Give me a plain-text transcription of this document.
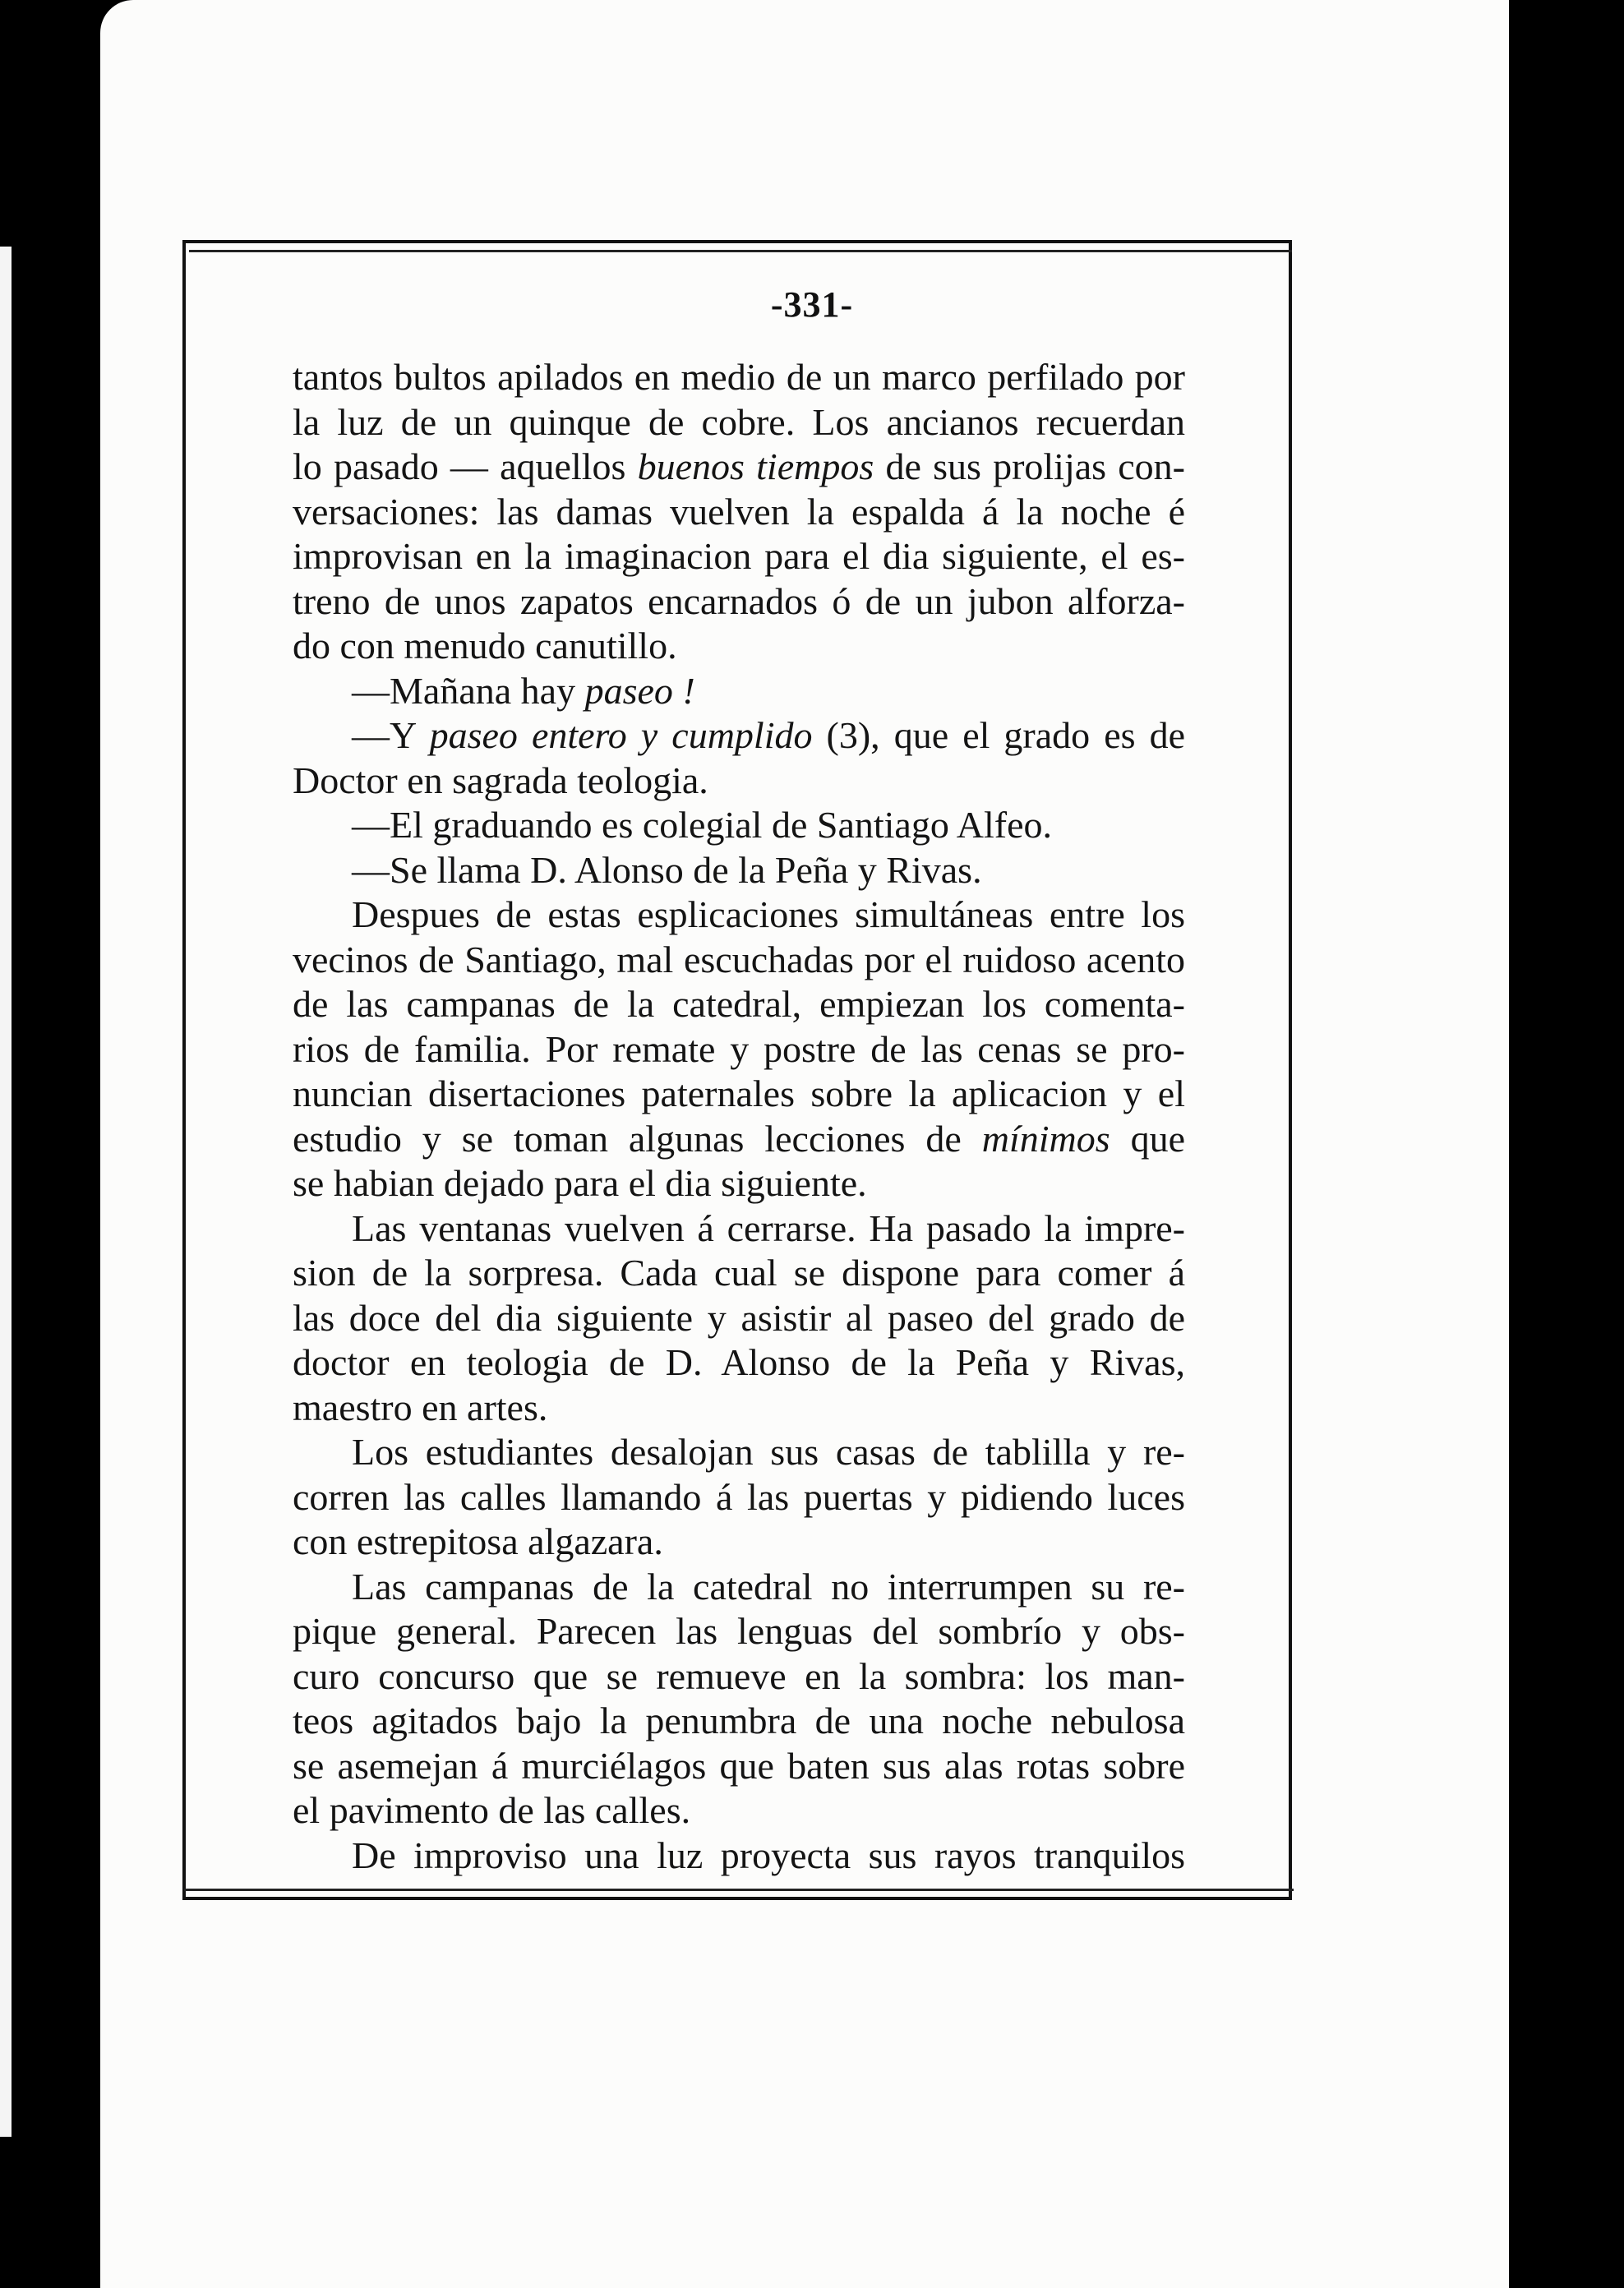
-331-
tantos bultos apilados en medio de un marco perfilado por
la luz de un quinque de cobre. Los ancianos recuerdan
lo pasado — aquellos buenos tiempos de sus prolijas con-
versaciones: las damas vuelven la espalda á la noche é
improvisan en la imaginacion para el dia siguiente, el es-
treno de unos zapatos encarnados ó de un jubon alforza-
do con menudo canutillo.
—Mañana hay paseo !
—Y paseo entero y cumplido (3), que el grado es de
Doctor en sagrada teologia.
—El graduando es colegial de Santiago Alfeo.
—Se llama D. Alonso de la Peña y Rivas.
Despues de estas esplicaciones simultáneas entre los
vecinos de Santiago, mal escuchadas por el ruidoso acento
de las campanas de la catedral, empiezan los comenta-
rios de familia. Por remate y postre de las cenas se pro-
nuncian disertaciones paternales sobre la aplicacion y el
estudio y se toman algunas lecciones de mínimos que
se habian dejado para el dia siguiente.
Las ventanas vuelven á cerrarse. Ha pasado la impre-
sion de la sorpresa. Cada cual se dispone para comer á
las doce del dia siguiente y asistir al paseo del grado de
doctor en teologia de D. Alonso de la Peña y Rivas,
maestro en artes.
Los estudiantes desalojan sus casas de tablilla y re-
corren las calles llamando á las puertas y pidiendo luces
con estrepitosa algazara.
Las campanas de la catedral no interrumpen su re-
pique general. Parecen las lenguas del sombrío y obs-
curo concurso que se remueve en la sombra: los man-
teos agitados bajo la penumbra de una noche nebulosa
se asemejan á murciélagos que baten sus alas rotas sobre
el pavimento de las calles.
De improviso una luz proyecta sus rayos tranquilos
